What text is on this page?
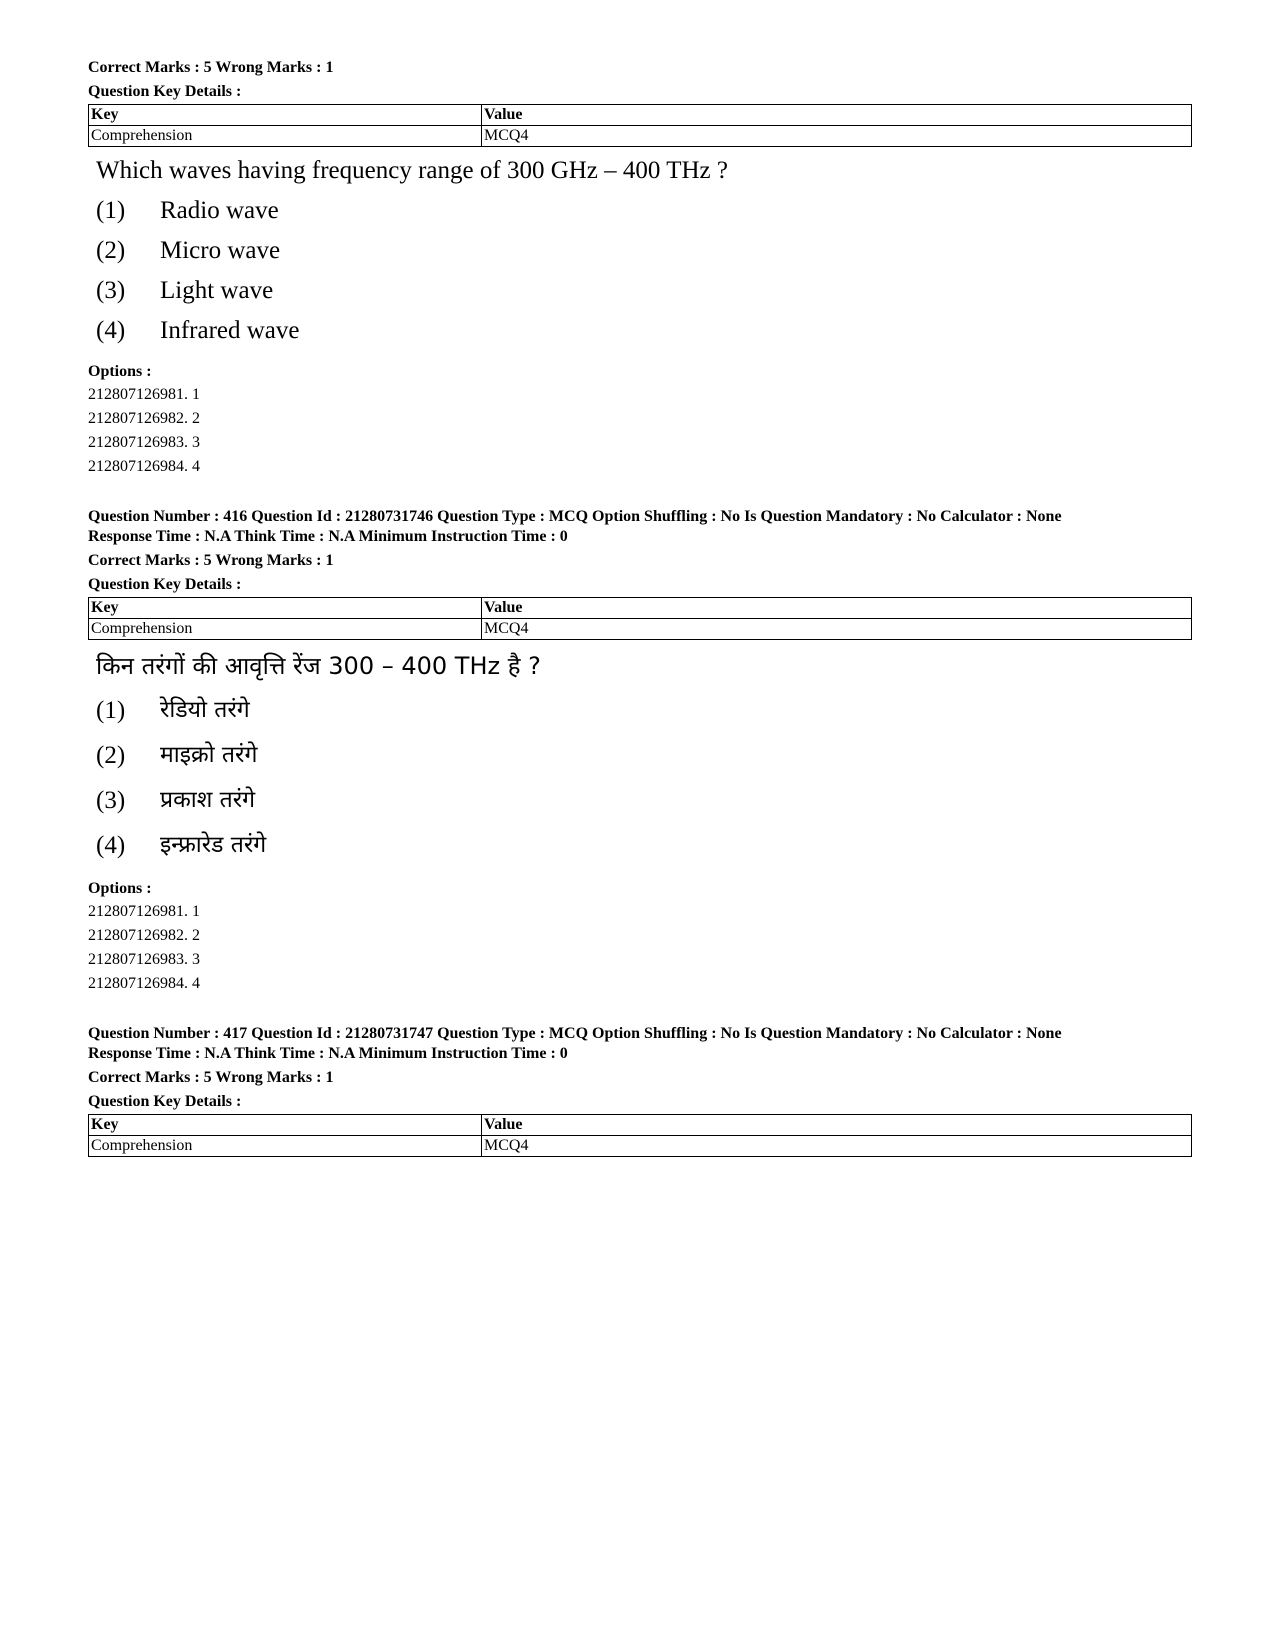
Correct Marks : 5 Wrong Marks : 1
Question Key Details :
Key	Value
Comprehension	MCQ4
Which waves having frequency range of 300 GHz – 400 THz ?
(1)	Radio wave
(2)	Micro wave
(3)	Light wave
(4)	Infrared wave
Options :
212807126981. 1
212807126982. 2
212807126983. 3
212807126984. 4
Question Number : 416 Question Id : 21280731746 Question Type : MCQ Option Shuffling : No Is Question Mandatory : No Calculator : None
Response Time : N.A Think Time : N.A Minimum Instruction Time : 0
Correct Marks : 5 Wrong Marks : 1
Question Key Details :
Key	Value
Comprehension	MCQ4
किन तरंगों की आवृत्ति रेंज 300 – 400 THz है ?
(1)	रेडियो तरंगे
(2)	माइक्रो तरंगे
(3)	प्रकाश तरंगे
(4)	इन्फ्रारेड तरंगे
Options :
212807126981. 1
212807126982. 2
212807126983. 3
212807126984. 4
Question Number : 417 Question Id : 21280731747 Question Type : MCQ Option Shuffling : No Is Question Mandatory : No Calculator : None
Response Time : N.A Think Time : N.A Minimum Instruction Time : 0
Correct Marks : 5 Wrong Marks : 1
Question Key Details :
Key	Value
Comprehension	MCQ4
